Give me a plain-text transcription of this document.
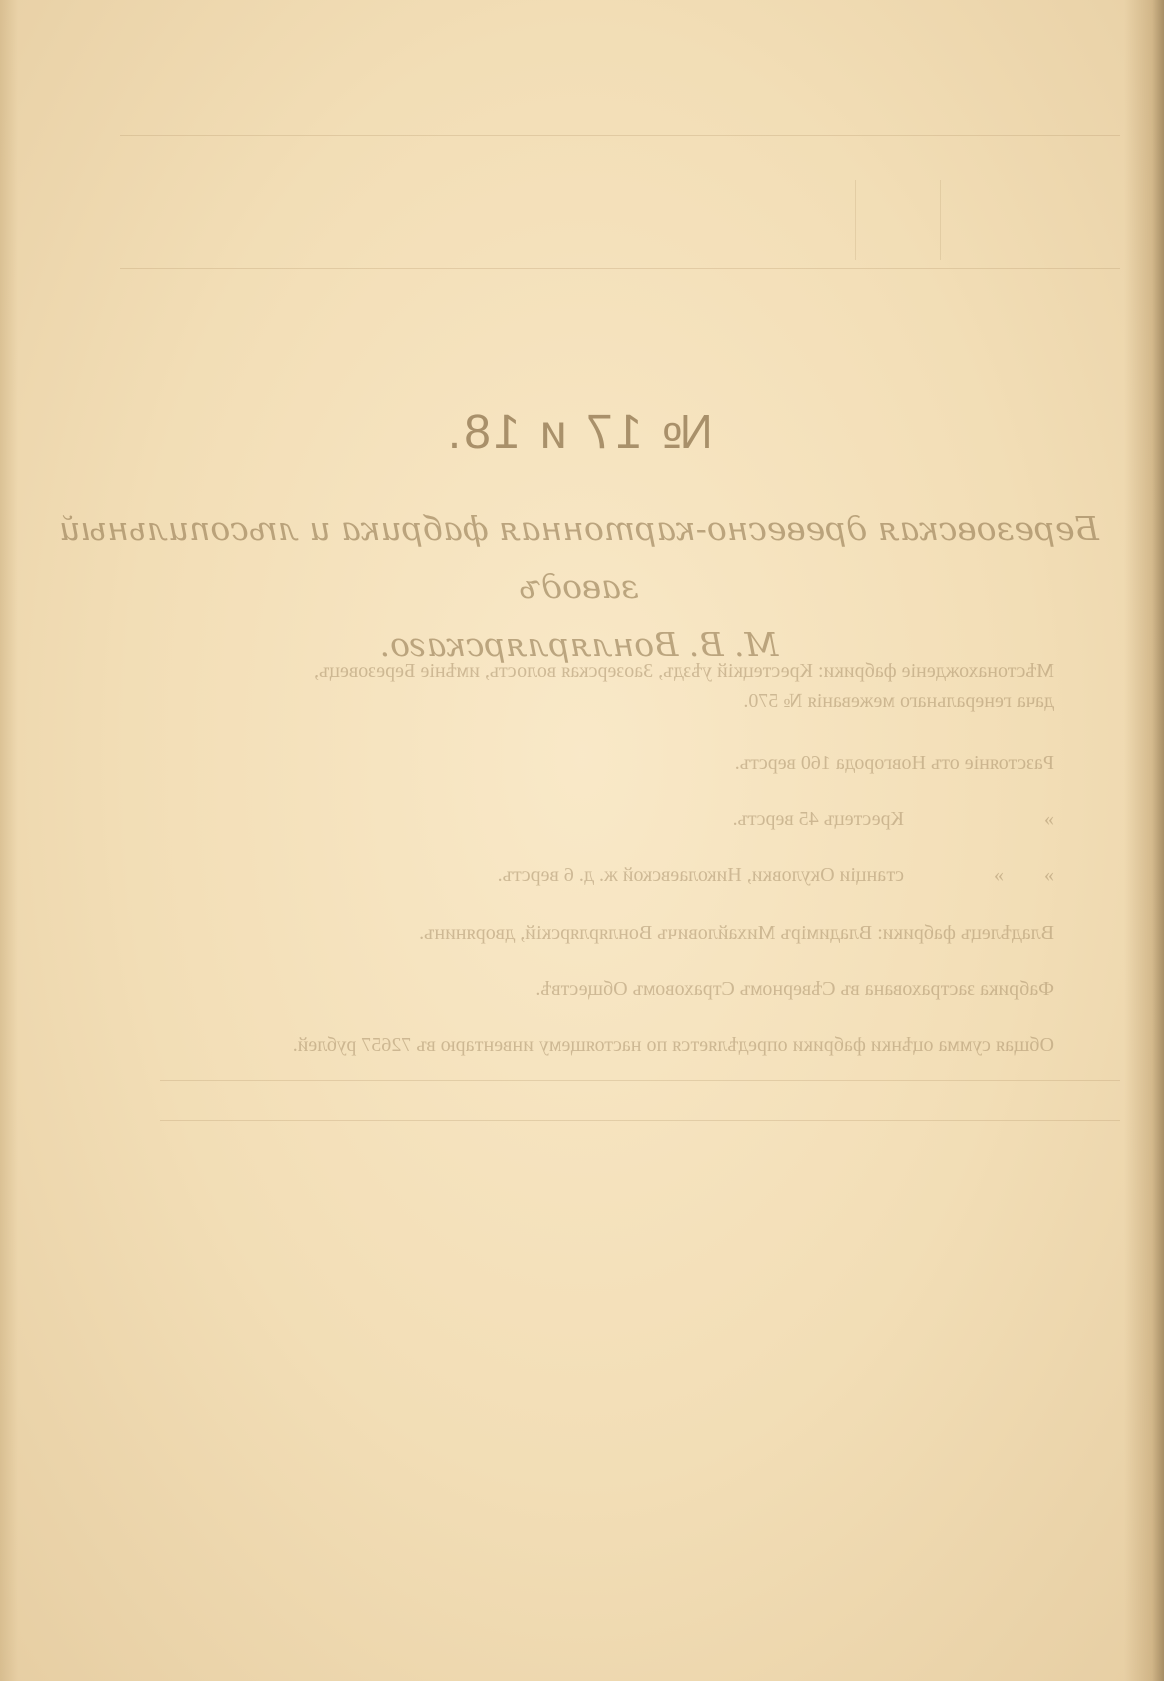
№ 17 и 18.
Березовская древесно-картонная фабрика и лѣсопильный заводъ
М. В. Вонлярлярскаго.
Мѣстонахожденіе фабрики: Крестецкій уѣздъ, Заозерская волость, имѣніе Березовецъ,
дача генеральнаго межеванія № 570.
Разстояніе отъ Новгорода 160 верстъ.
»
Крестецъ 45 верстъ.
»
»
станціи Окуловки, Николаевской ж. д. 6 верстъ.
Владѣлецъ фабрики: Владиміръ Михайловичъ Вонлярлярскій, дворянинъ.
Фабрика застрахована въ Сѣверномъ Страховомъ Обществѣ.
Общая сумма оцѣнки фабрики опредѣляется по настоящему инвентарю въ 72657 рублей.
